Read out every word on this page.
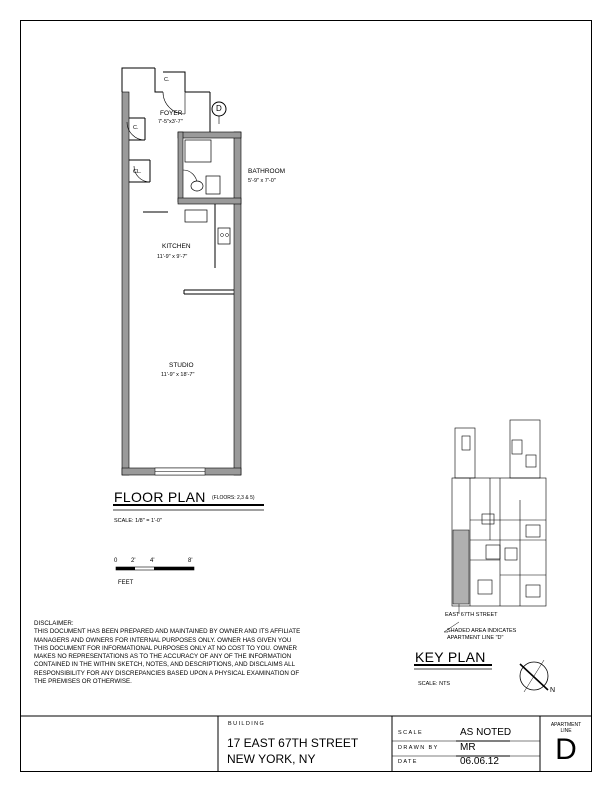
C.
FOYER
7'-5"x3'-7"
D
C.
CL.	BATHROOM
5'-9" x 7'-0"
KITCHEN
11'-9" x 9'-7"
STUDIO
11'-9" x 18'-7"
FLOOR PLAN (FLOORS: 2,3 & 5)
SCALE: 1/8" = 1'-0"
0 2' 4'	8'
FEET
EAST 67TH STREET
SHADED AREA INDICATES APARTMENT LINE "D"
KEY PLAN
SCALE: NTS
N

DISCLAIMER:

THIS DOCUMENT HAS BEEN PREPARED AND MAINTAINED BY OWNER AND ITS AFFILIATE MANAGERS AND OWNERS FOR INTERNAL PURPOSES ONLY. OWNER HAS GIVEN YOU THIS DOCUMENT FOR INFORMATIONAL PURPOSES ONLY AT NO COST TO YOU. OWNER MAKES NO REPRESENTATIONS AS TO THE ACCURACY OF ANY OF THE INFORMATION CONTAINED IN THE WITHIN SKETCH, NOTES, AND DESCRIPTIONS, AND DISCLAIMS ALL RESPONSIBILITY FOR ANY DISCREPANCIES BASED UPON A PHYSICAL EXAMINATION OF THE PREMISES OR OTHERWISE.

BUILDING
17 EAST 67TH STREET
NEW YORK, NY
SCALE	AS NOTED
DRAWN BY MR
DATE	06.06.12
APARTMENT
LINE
D
